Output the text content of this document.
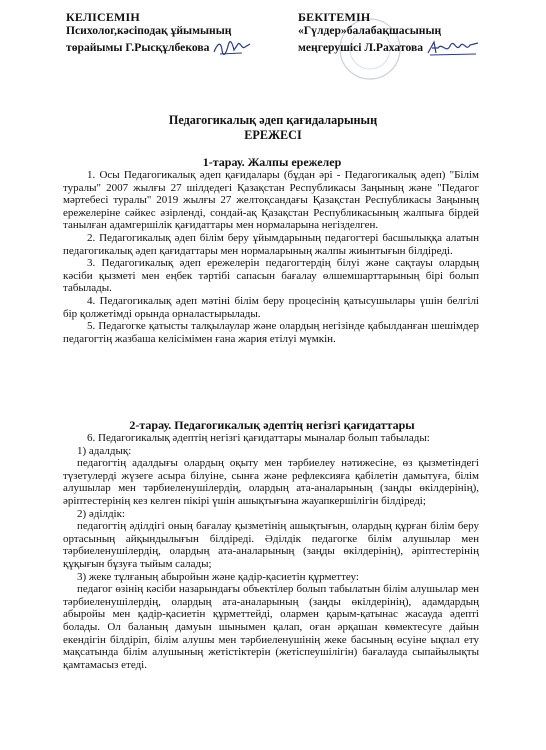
КЕЛІСЕМІН
Психолог,кәсіподақ ұйымының
төрайымы Г.Рысқұлбекова
БЕКІТЕМІН
«Гүлдер»балабақшасының
меңгерушісі Л.Рахатова
Педагогикалық әдеп қағидаларының
ЕРЕЖЕСІ
1-тарау. Жалпы ережелер

1. Осы Педагогикалық әдеп қағидалары (бұдан әрі - Педагогикалық әдеп) "Білім туралы" 2007 жылғы 27 шілдедегі Қазақстан Республикасы Заңының және "Педагог мәртебесі туралы" 2019 жылғы 27 желтоқсандағы Қазақстан Республикасы Заңының ережелеріне сәйкес әзірленді, сондай-ақ Қазақстан Республикасының жалпыға бірдей танылған адамгершілік қағидаттары мен нормаларына негізделген.

2. Педагогикалық әдеп білім беру ұйымдарының педагогтері басшылыққа алатын педагогикалық әдеп қағидаттары мен нормаларының жалпы жиынтығын білдіреді.

3. Педагогикалық әдеп ережелерін педагогтердің білуі және сақтауы олардың кәсіби қызметі мен еңбек тәртібі сапасын бағалау өлшемшарттарының бірі болып табылады.

4. Педагогикалық әдеп мәтіні білім беру процесінің қатысушылары үшін белгілі бір қолжетімді орында орналастырылады.

5. Педагогке қатысты талқылаулар және олардың негізінде қабылданған шешімдер педагогтің жазбаша келісімімен ғана жария етілуі мүмкін.

2-тарау. Педагогикалық әдептің негізгі қағидаттары

6. Педагогикалық әдептің негізгі қағидаттары мыналар болып табылады:

1) адалдық:

педагогтің адалдығы олардың оқыту мен тәрбиелеу нәтижесіне, өз қызметіндегі түзетулерді жүзеге асыра білуіне, сынға және рефлексияға қабілетін дамытуға, білім алушылар мен тәрбиеленушілердің, олардың ата-аналарының (заңды өкілдерінің), әріптестерінің кез келген пікірі үшін ашықтығына жауапкершілігін білдіреді;

2) әділдік:

педагогтің әділдігі оның бағалау қызметінің ашықтығын, олардың құрған білім беру ортасының айқындылығын білдіреді. Әділдік педагогке білім алушылар мен тәрбиеленушілердің, олардың ата-аналарының (заңды өкілдерінің), әріптестерінің құқығын бұзуға тыйым салады;

3) жеке тұлғаның абыройын және қадір-қасиетін құрметтеу:

педагог өзінің кәсіби назарындағы объектілер болып табылатын білім алушылар мен тәрбиеленушілердің, олардың ата-аналарының (заңды өкілдерінің), адамдардың абыройы мен қадір-қасиетін құрметтейді, олармен қарым-қатынас жасауда әдепті болады. Ол баланың дамуын шынымен қалап, оған әрқашан көмектесуге дайын екендігін білдіріп, білім алушы мен тәрбиеленушінің жеке басының өсуіне ықпал ету мақсатында білім алушының жетістіктерін (жетіспеушілігін) бағалауда сыпайылықты қамтамасыз етеді.
